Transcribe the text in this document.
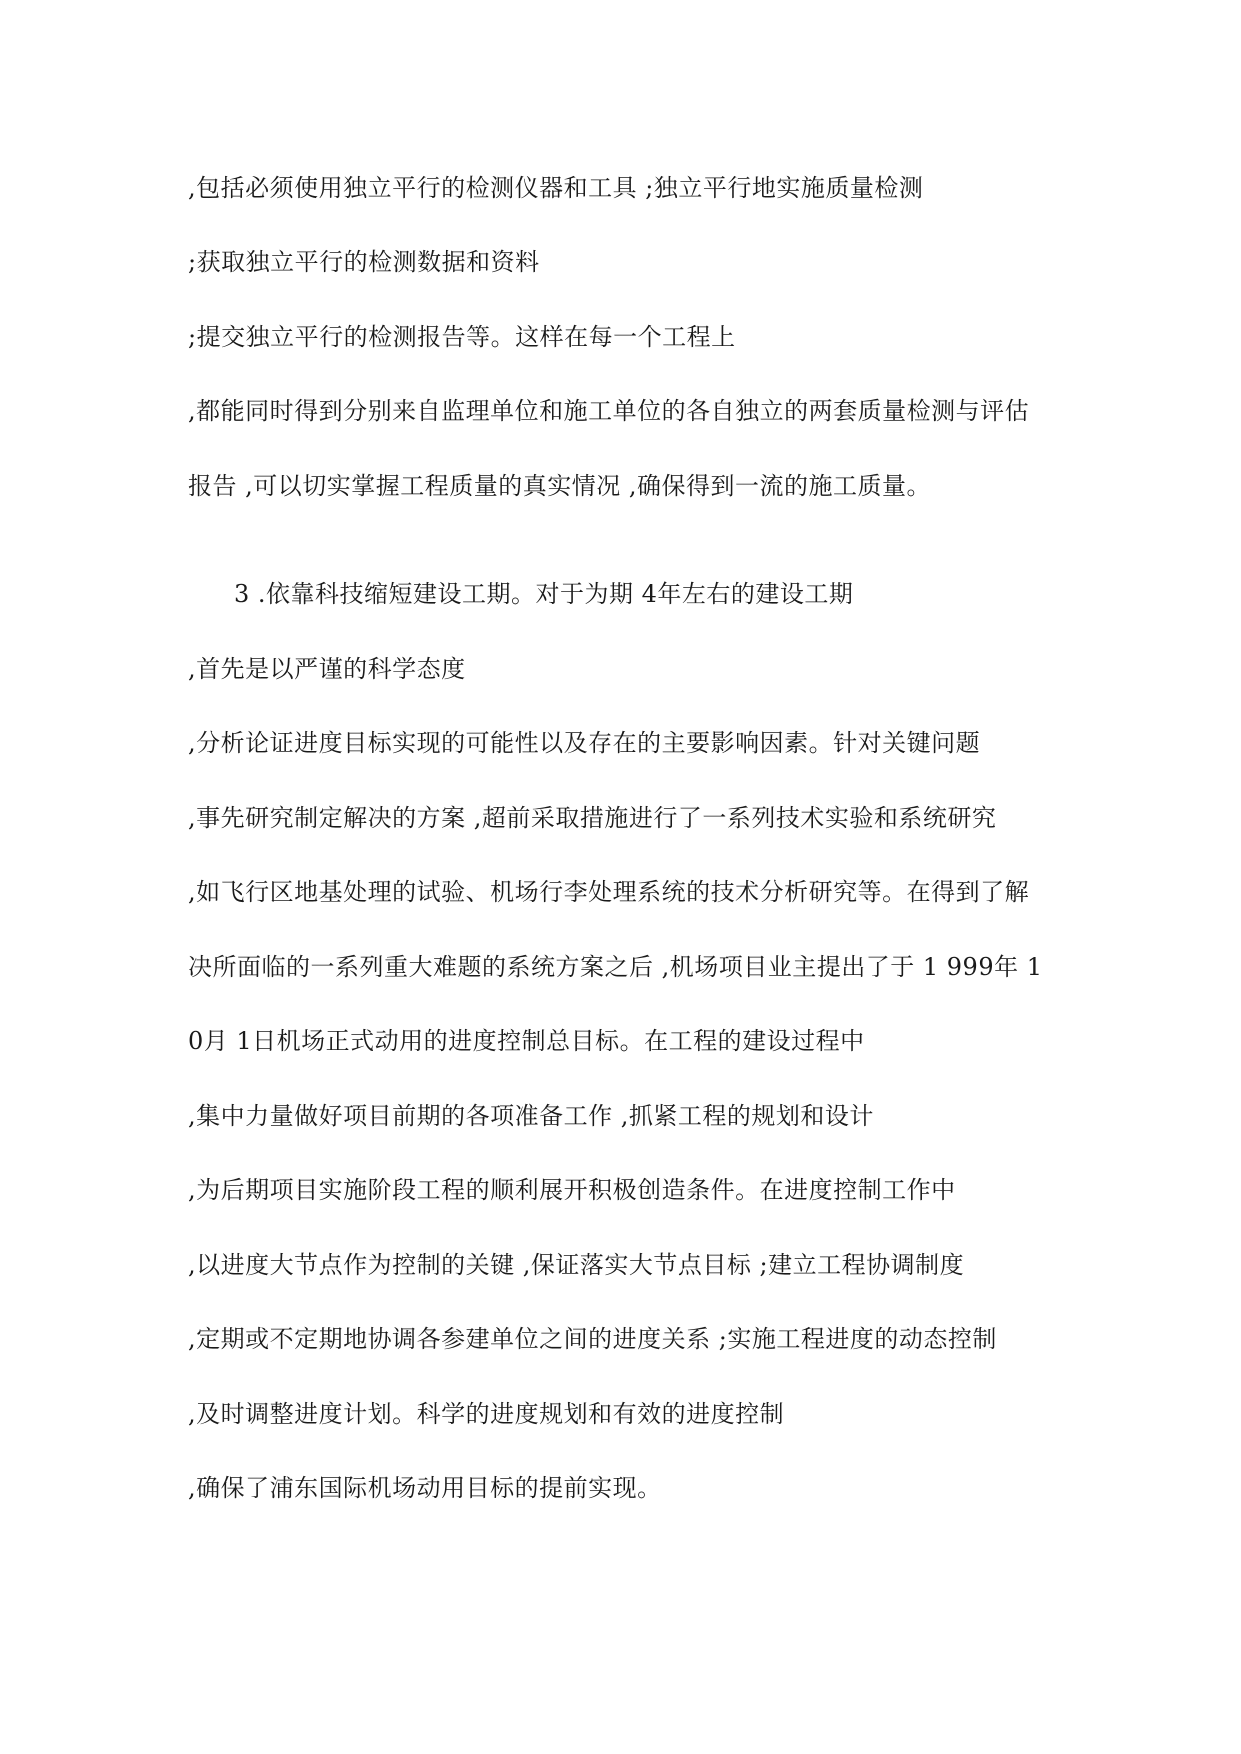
,包括必须使用独立平行的检测仪器和工具 ;独立平行地实施质量检测
;获取独立平行的检测数据和资料
;提交独立平行的检测报告等。这样在每一个工程上
,都能同时得到分别来自监理单位和施工单位的各自独立的两套质量检测与评估
报告 ,可以切实掌握工程质量的真实情况 ,确保得到一流的施工质量。
3 .依靠科技缩短建设工期。对于为期 4年左右的建设工期
,首先是以严谨的科学态度
,分析论证进度目标实现的可能性以及存在的主要影响因素。针对关键问题
,事先研究制定解决的方案 ,超前采取措施进行了一系列技术实验和系统研究
,如飞行区地基处理的试验、机场行李处理系统的技术分析研究等。在得到了解
决所面临的一系列重大难题的系统方案之后 ,机场项目业主提出了于 1 999年 1
0月 1日机场正式动用的进度控制总目标。在工程的建设过程中
,集中力量做好项目前期的各项准备工作 ,抓紧工程的规划和设计
,为后期项目实施阶段工程的顺利展开积极创造条件。在进度控制工作中
,以进度大节点作为控制的关键 ,保证落实大节点目标 ;建立工程协调制度
,定期或不定期地协调各参建单位之间的进度关系 ;实施工程进度的动态控制
,及时调整进度计划。科学的进度规划和有效的进度控制
,确保了浦东国际机场动用目标的提前实现。
